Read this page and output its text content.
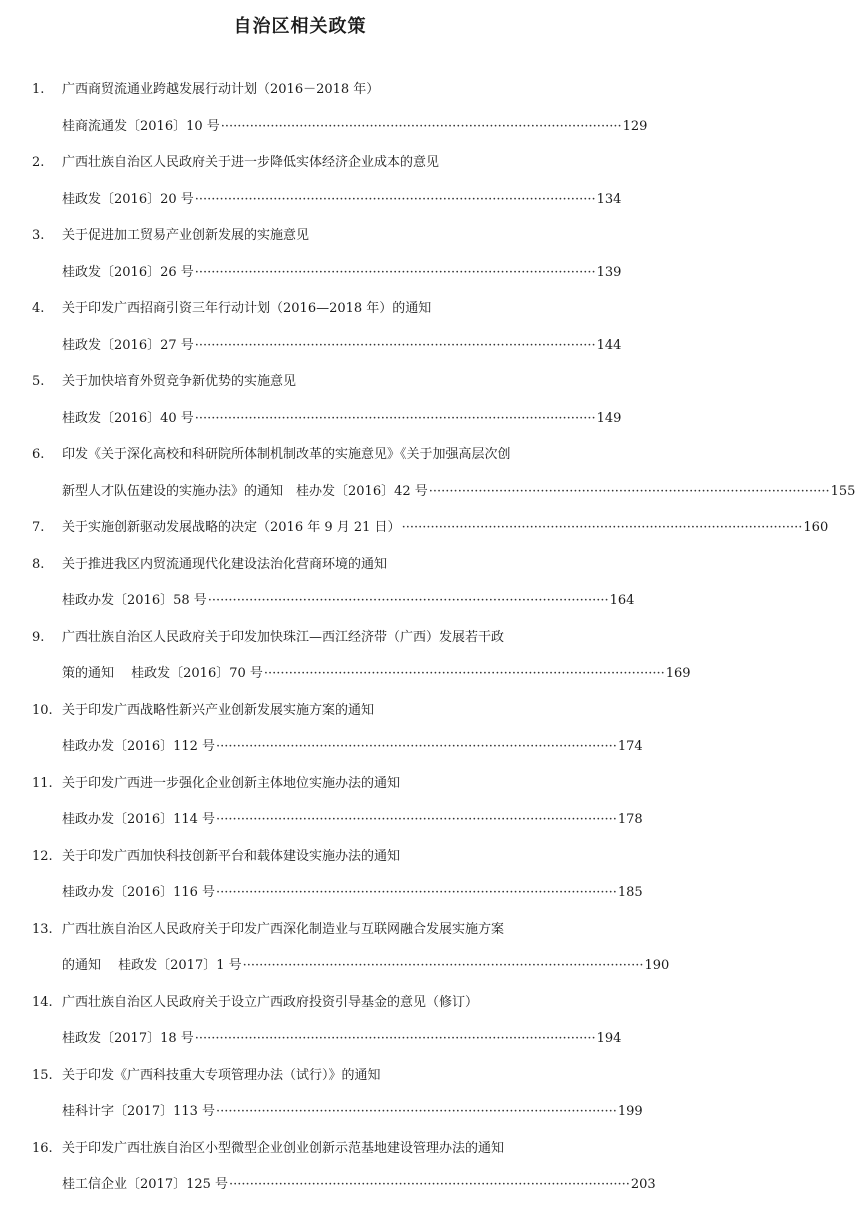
自治区相关政策
1.	广西商贸流通业跨越发展行动计划（2016－2018 年）
桂商流通发〔2016〕10 号 ································································································· 129
2.	广西壮族自治区人民政府关于进一步降低实体经济企业成本的意见
桂政发〔2016〕20 号 ································································································· 134
3.	关于促进加工贸易产业创新发展的实施意见
桂政发〔2016〕26 号 ································································································· 139
4.	关于印发广西招商引资三年行动计划（2016—2018 年）的通知
桂政发〔2016〕27 号 ································································································· 144
5.	关于加快培育外贸竞争新优势的实施意见
桂政发〔2016〕40 号 ································································································· 149
6.	印发《关于深化高校和科研院所体制机制改革的实施意见》《关于加强高层次创
新型人才队伍建设的实施办法》的通知　桂办发〔2016〕42 号 ································································································· 155
7.	关于实施创新驱动发展战略的决定（2016 年 9 月 21 日） ································································································· 160
8.	关于推进我区内贸流通现代化建设法治化营商环境的通知
桂政办发〔2016〕58 号 ································································································· 164
9.	广西壮族自治区人民政府关于印发加快珠江—西江经济带（广西）发展若干政
策的通知　 桂政发〔2016〕70 号 ································································································· 169
10. 关于印发广西战略性新兴产业创新发展实施方案的通知
桂政办发〔2016〕112 号 ································································································· 174
11. 关于印发广西进一步强化企业创新主体地位实施办法的通知
桂政办发〔2016〕114 号 ································································································· 178
12. 关于印发广西加快科技创新平台和载体建设实施办法的通知
桂政办发〔2016〕116 号 ································································································· 185
13. 广西壮族自治区人民政府关于印发广西深化制造业与互联网融合发展实施方案
的通知　 桂政发〔2017〕1 号 ································································································· 190
14. 广西壮族自治区人民政府关于设立广西政府投资引导基金的意见（修订）
桂政发〔2017〕18 号 ································································································· 194
15. 关于印发《广西科技重大专项管理办法（试行）》的通知
桂科计字〔2017〕113 号 ································································································· 199
16. 关于印发广西壮族自治区小型微型企业创业创新示范基地建设管理办法的通知
桂工信企业〔2017〕125 号 ································································································· 203
